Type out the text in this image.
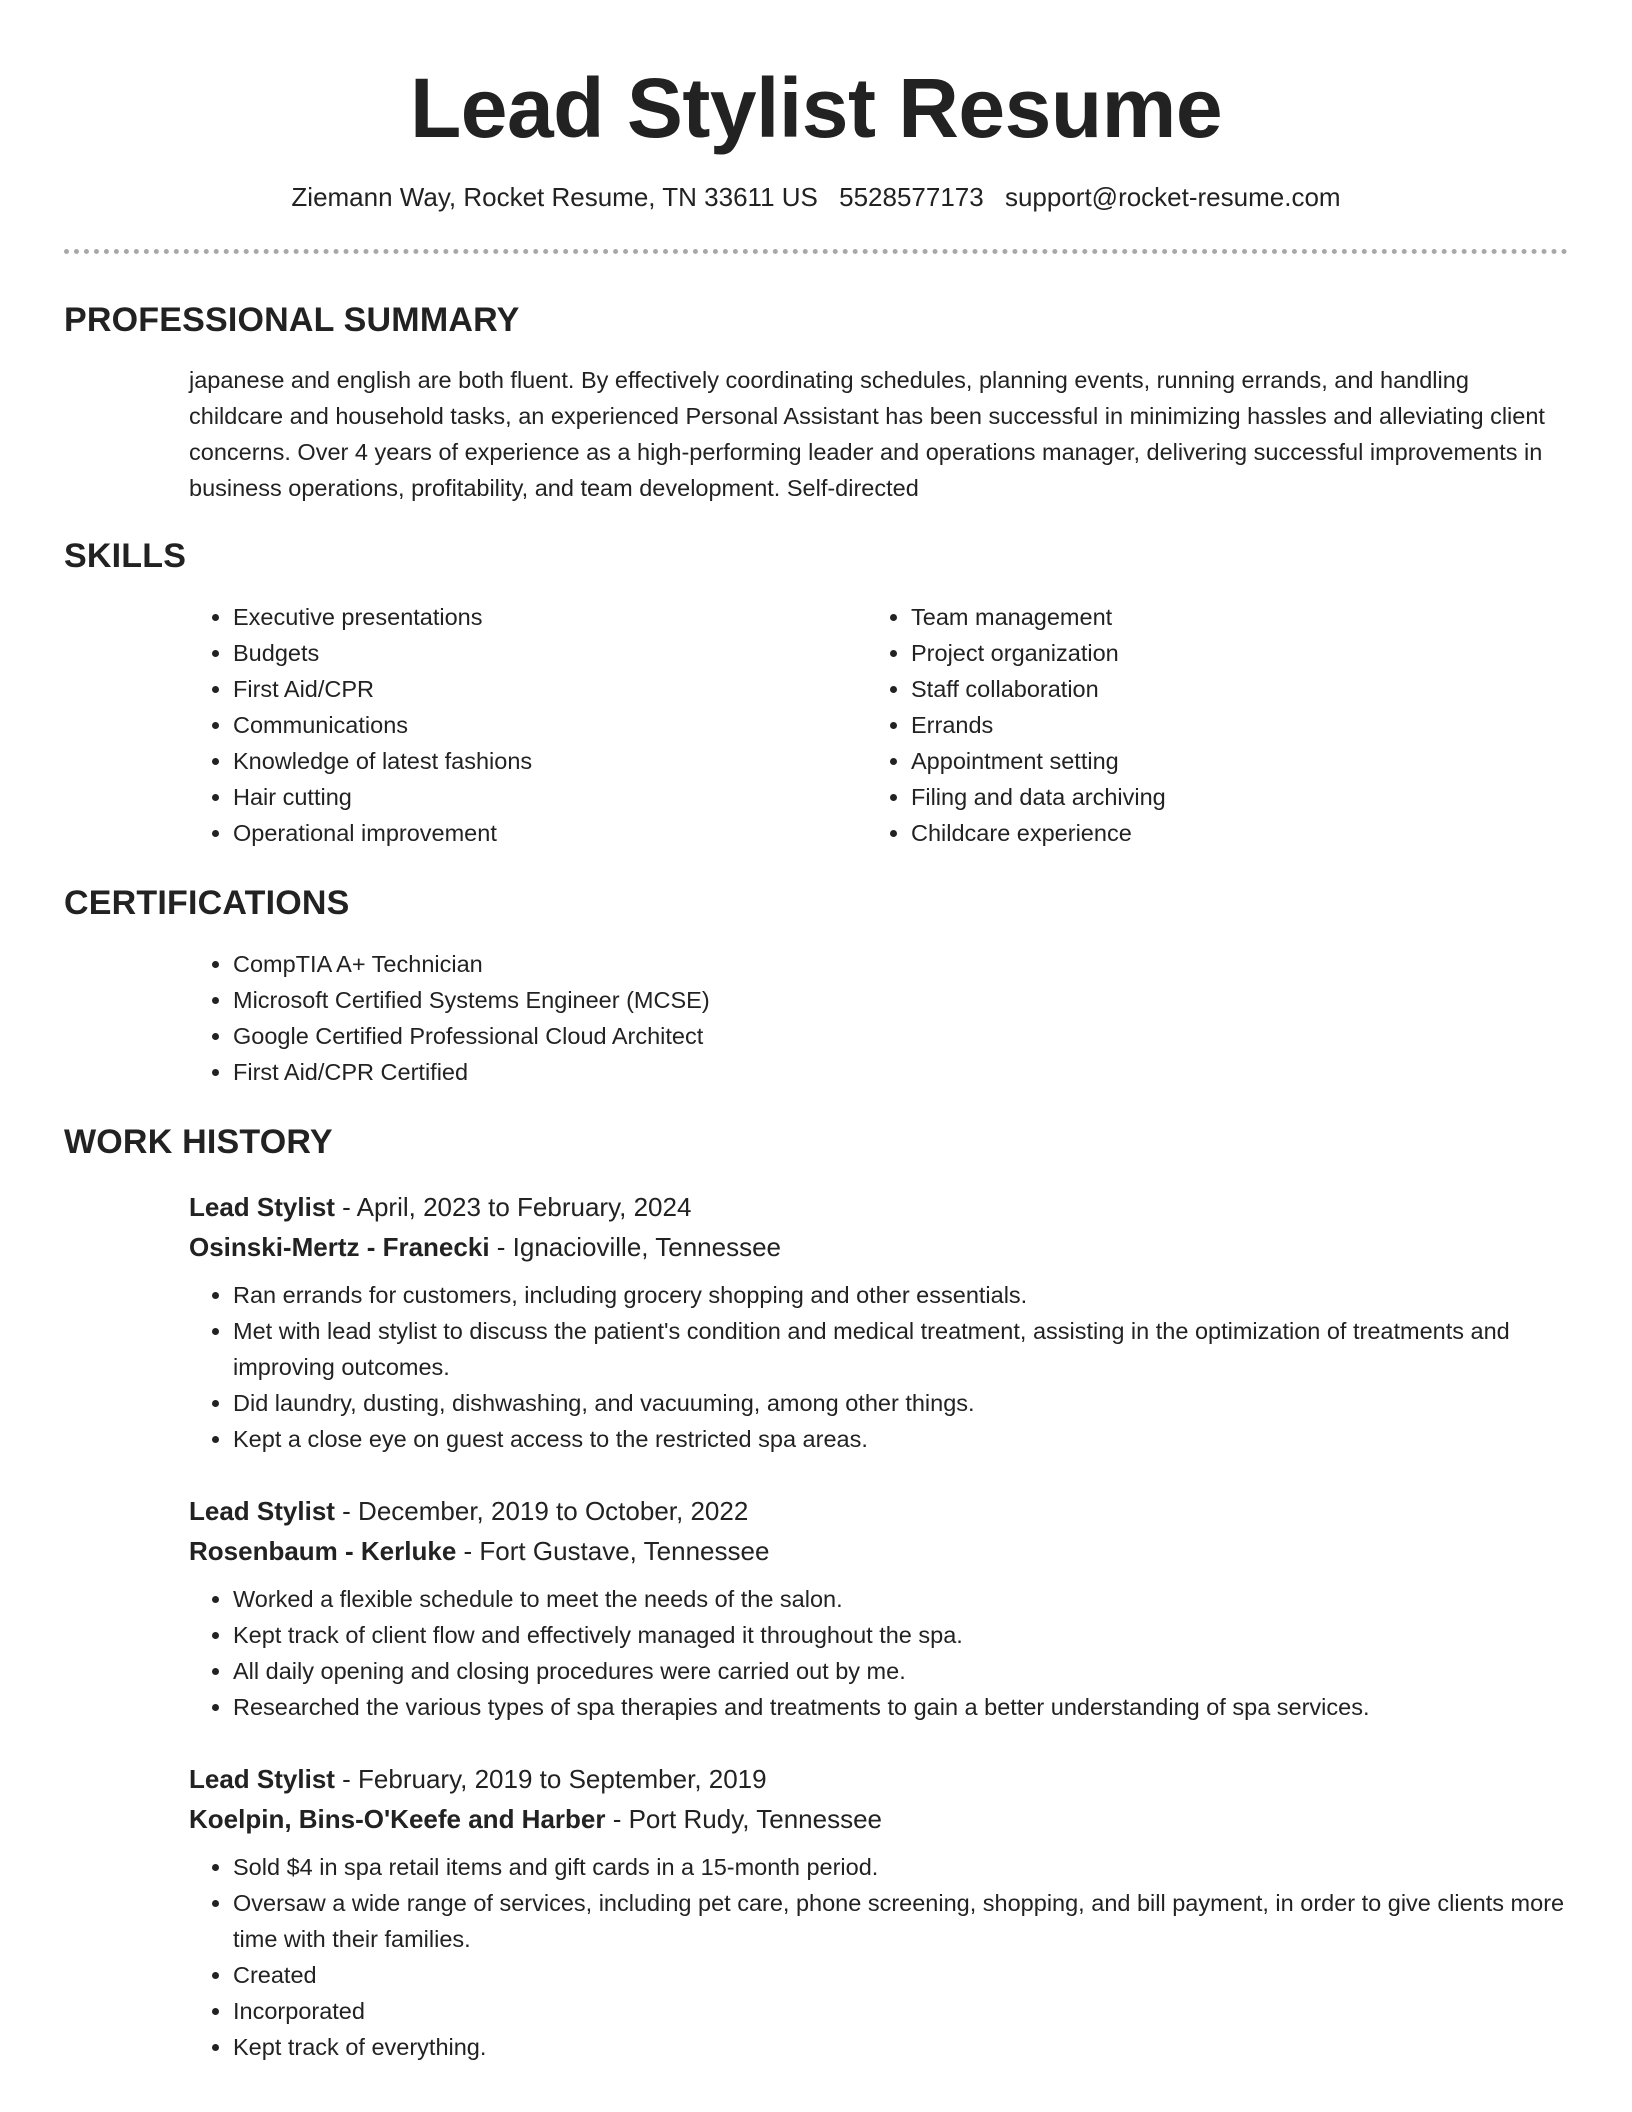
Lead Stylist Resume
Ziemann Way, Rocket Resume, TN 33611 US 5528577173 support@rocket-resume.com
PROFESSIONAL SUMMARY

japanese and english are both fluent. By effectively coordinating schedules, planning events, running errands, and handling childcare and household tasks, an experienced Personal Assistant has been successful in minimizing hassles and alleviating client concerns. Over 4 years of experience as a high-performing leader and operations manager, delivering successful improvements in business operations, profitability, and team development. Self-directed

SKILLS
• Executive presentations
• Budgets
• First Aid/CPR
• Communications
• Knowledge of latest fashions
• Hair cutting
• Operational improvement
• Team management
• Project organization
• Staff collaboration
• Errands
• Appointment setting
• Filing and data archiving
• Childcare experience
CERTIFICATIONS
• CompTIA A+ Technician
• Microsoft Certified Systems Engineer (MCSE)
• Google Certified Professional Cloud Architect
• First Aid/CPR Certified
WORK HISTORY
Lead Stylist - April, 2023 to February, 2024
Osinski-Mertz - Franecki - Ignacioville, Tennessee
• Ran errands for customers, including grocery shopping and other essentials.
• Met with lead stylist to discuss the patient's condition and medical treatment, assisting in the optimization of treatments and improving outcomes.
• Did laundry, dusting, dishwashing, and vacuuming, among other things.
• Kept a close eye on guest access to the restricted spa areas.
Lead Stylist - December, 2019 to October, 2022
Rosenbaum - Kerluke - Fort Gustave, Tennessee
• Worked a flexible schedule to meet the needs of the salon.
• Kept track of client flow and effectively managed it throughout the spa.
• All daily opening and closing procedures were carried out by me.
• Researched the various types of spa therapies and treatments to gain a better understanding of spa services.
Lead Stylist - February, 2019 to September, 2019
Koelpin, Bins-O'Keefe and Harber - Port Rudy, Tennessee
• Sold $4 in spa retail items and gift cards in a 15-month period.
• Oversaw a wide range of services, including pet care, phone screening, shopping, and bill payment, in order to give clients more time with their families.
• Created
• Incorporated
• Kept track of everything.
